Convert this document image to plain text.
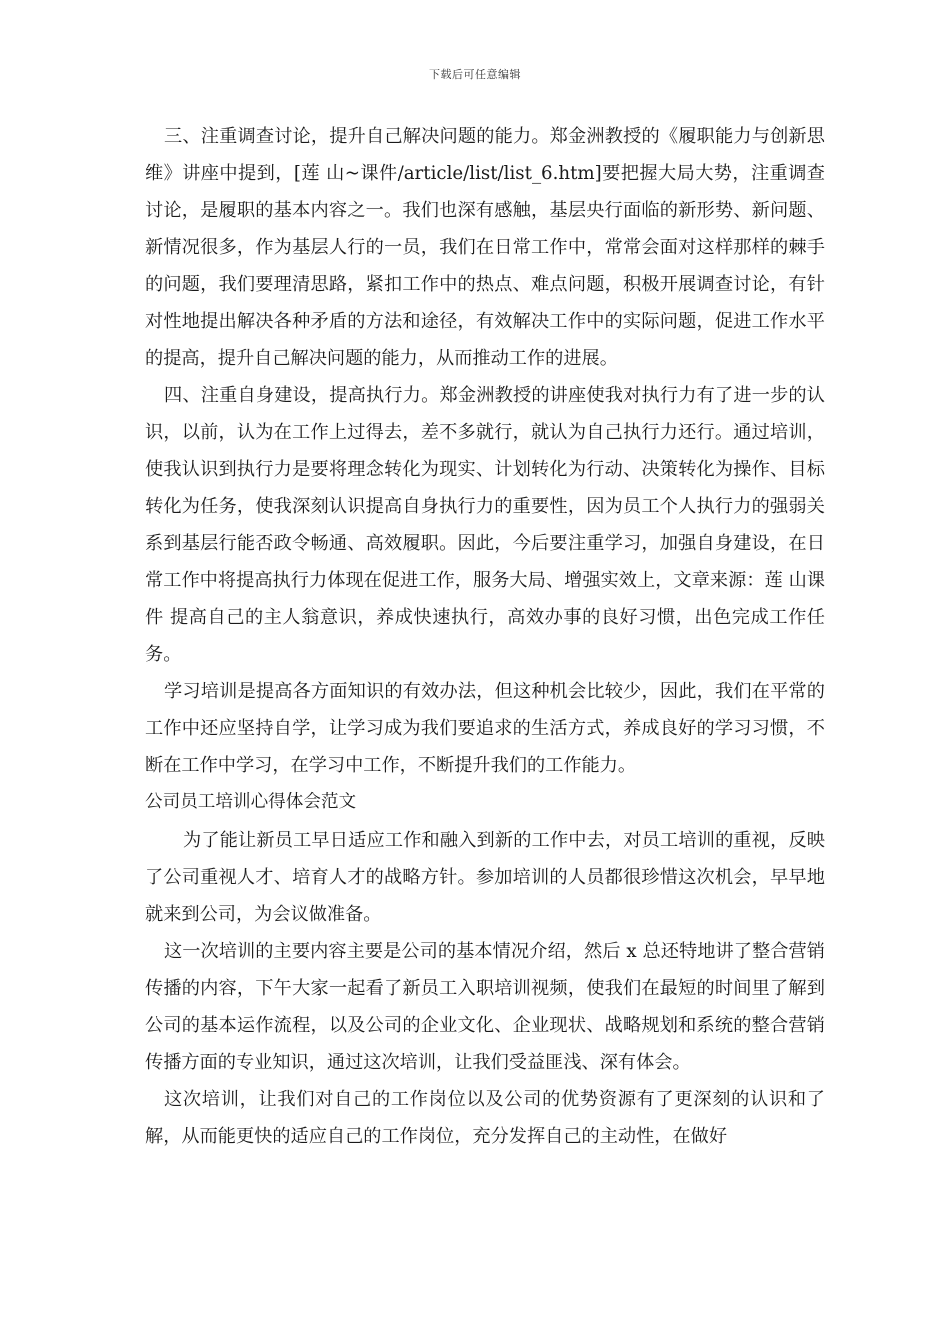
下载后可任意编辑

三、注重调查讨论，提升自己解决问题的能力。郑金洲教授的《履职能力与创新思维》讲座中提到，[莲 山~课件/article/list/list_6.htm]要把握大局大势，注重调查讨论，是履职的基本内容之一。我们也深有感触，基层央行面临的新形势、新问题、新情况很多，作为基层人行的一员，我们在日常工作中，常常会面对这样那样的棘手的问题，我们要理清思路，紧扣工作中的热点、难点问题，积极开展调查讨论，有针对性地提出解决各种矛盾的方法和途径，有效解决工作中的实际问题，促进工作水平的提高，提升自己解决问题的能力，从而推动工作的进展。

四、注重自身建设，提高执行力。郑金洲教授的讲座使我对执行力有了进一步的认识，以前，认为在工作上过得去，差不多就行，就认为自己执行力还行。通过培训，使我认识到执行力是要将理念转化为现实、计划转化为行动、决策转化为操作、目标转化为任务，使我深刻认识提高自身执行力的重要性，因为员工个人执行力的强弱关系到基层行能否政令畅通、高效履职。因此，今后要注重学习，加强自身建设，在日常工作中将提高执行力体现在促进工作，服务大局、增强实效上，文章来源：莲 山课件 提高自己的主人翁意识，养成快速执行，高效办事的良好习惯，出色完成工作任务。

学习培训是提高各方面知识的有效办法，但这种机会比较少，因此，我们在平常的工作中还应坚持自学，让学习成为我们要追求的生活方式，养成良好的学习习惯，不断在工作中学习，在学习中工作，不断提升我们的工作能力。

公司员工培训心得体会范文

为了能让新员工早日适应工作和融入到新的工作中去，对员工培训的重视，反映了公司重视人才、培育人才的战略方针。参加培训的人员都很珍惜这次机会，早早地就来到公司，为会议做准备。

这一次培训的主要内容主要是公司的基本情况介绍，然后 x 总还特地讲了整合营销传播的内容，下午大家一起看了新员工入职培训视频，使我们在最短的时间里了解到公司的基本运作流程，以及公司的企业文化、企业现状、战略规划和系统的整合营销传播方面的专业知识，通过这次培训，让我们受益匪浅、深有体会。

这次培训，让我们对自己的工作岗位以及公司的优势资源有了更深刻的认识和了解，从而能更快的适应自己的工作岗位，充分发挥自己的主动性，在做好
